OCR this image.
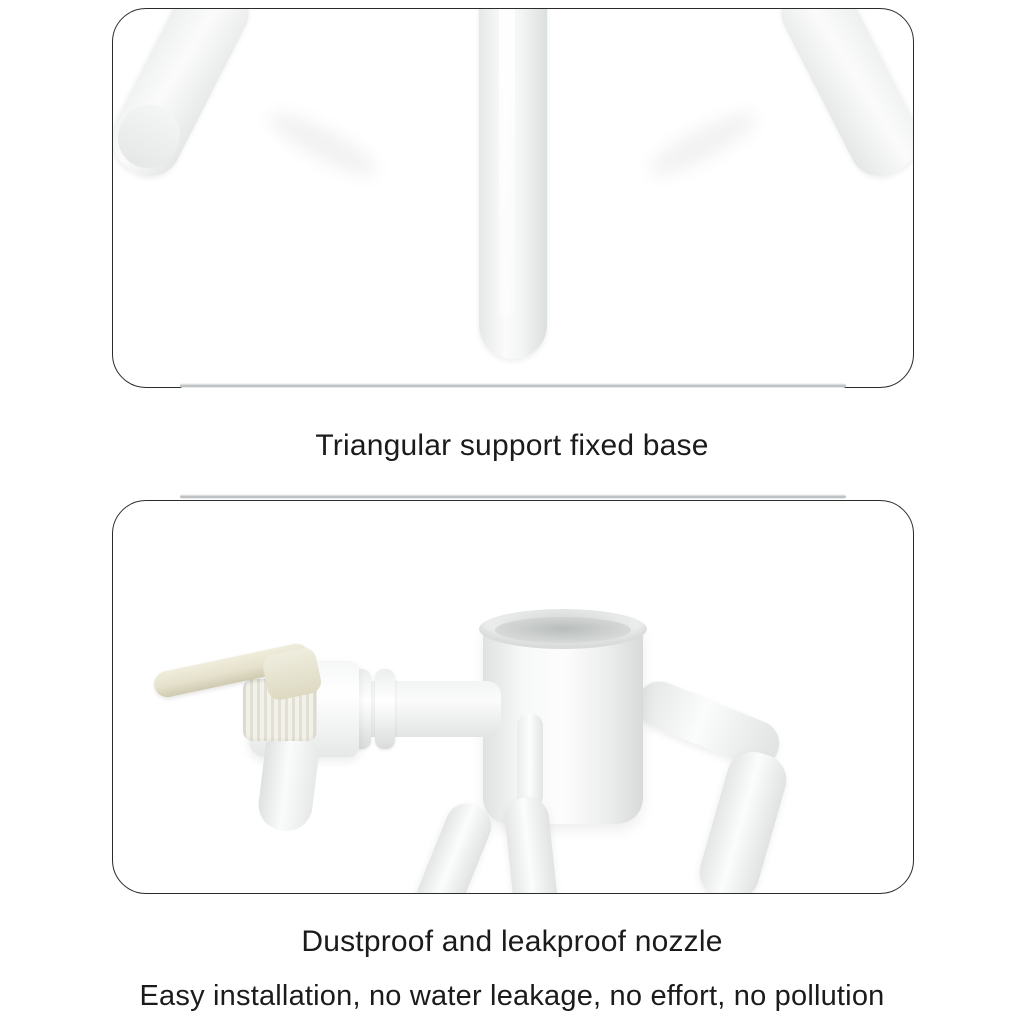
Triangular support fixed base
Dustproof and leakproof nozzle
Easy installation, no water leakage, no effort, no pollution
